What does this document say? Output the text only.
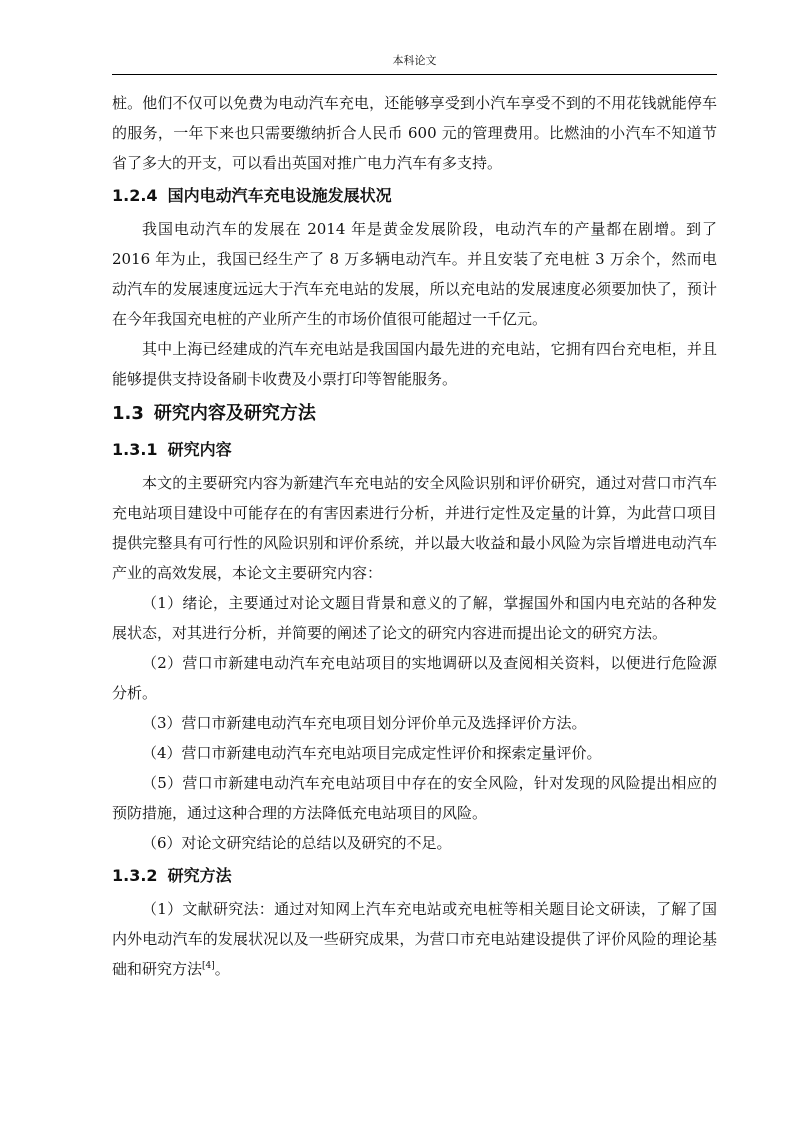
本科论文

桩。他们不仅可以免费为电动汽车充电，还能够享受到小汽车享受不到的不用花钱就能停车的服务，一年下来也只需要缴纳折合人民币 600 元的管理费用。比燃油的小汽车不知道节省了多大的开支，可以看出英国对推广电力汽车有多支持。

1.2.4 国内电动汽车充电设施发展状况

我国电动汽车的发展在 2014 年是黄金发展阶段，电动汽车的产量都在剧增。到了 2016 年为止，我国已经生产了 8 万多辆电动汽车。并且安装了充电桩 3 万余个，然而电动汽车的发展速度远远大于汽车充电站的发展，所以充电站的发展速度必须要加快了，预计在今年我国充电桩的产业所产生的市场价值很可能超过一千亿元。

其中上海已经建成的汽车充电站是我国国内最先进的充电站，它拥有四台充电柜，并且能够提供支持设备刷卡收费及小票打印等智能服务。

1.3 研究内容及研究方法
1.3.1 研究内容

本文的主要研究内容为新建汽车充电站的安全风险识别和评价研究，通过对营口市汽车充电站项目建设中可能存在的有害因素进行分析，并进行定性及定量的计算，为此营口项目提供完整具有可行性的风险识别和评价系统，并以最大收益和最小风险为宗旨增进电动汽车产业的高效发展，本论文主要研究内容：

（1）绪论，主要通过对论文题目背景和意义的了解，掌握国外和国内电充站的各种发展状态，对其进行分析，并简要的阐述了论文的研究内容进而提出论文的研究方法。

（2）营口市新建电动汽车充电站项目的实地调研以及查阅相关资料，以便进行危险源分析。

（3）营口市新建电动汽车充电项目划分评价单元及选择评价方法。

（4）营口市新建电动汽车充电站项目完成定性评价和探索定量评价。

（5）营口市新建电动汽车充电站项目中存在的安全风险，针对发现的风险提出相应的预防措施，通过这种合理的方法降低充电站项目的风险。

（6）对论文研究结论的总结以及研究的不足。

1.3.2 研究方法

（1）文献研究法：通过对知网上汽车充电站或充电桩等相关题目论文研读，了解了国内外电动汽车的发展状况以及一些研究成果，为营口市充电站建设提供了评价风险的理论基础和研究方法[4]。
